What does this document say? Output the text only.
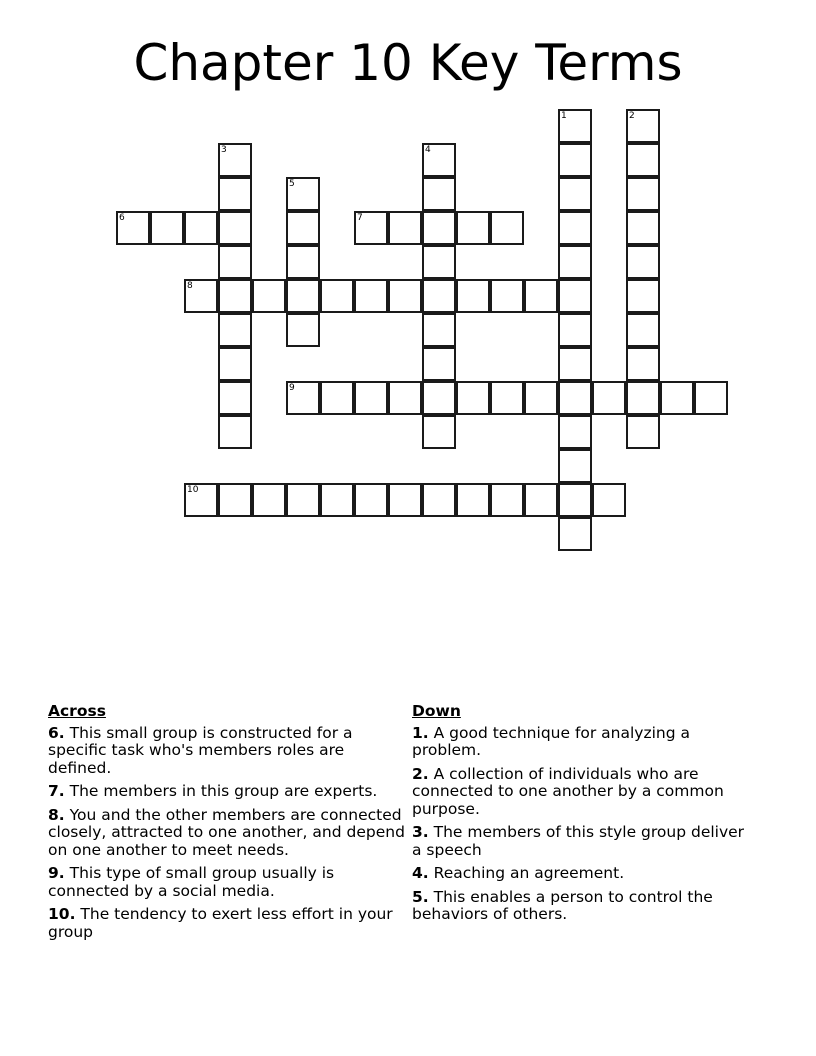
Chapter 10 Key Terms
1	2
3	4
5
6	7
8
9
10
Across
6. This small group is constructed for a specific task who's members roles are defined.
7. The members in this group are experts.
8. You and the other members are connected closely, attracted to one another, and depend on one another to meet needs.
9. This type of small group usually is connected by a social media.
10. The tendency to exert less effort in your group
Down
1. A good technique for analyzing a problem.
2. A collection of individuals who are connected to one another by a common purpose.
3. The members of this style group deliver a speech
4. Reaching an agreement.
5. This enables a person to control the behaviors of others.
